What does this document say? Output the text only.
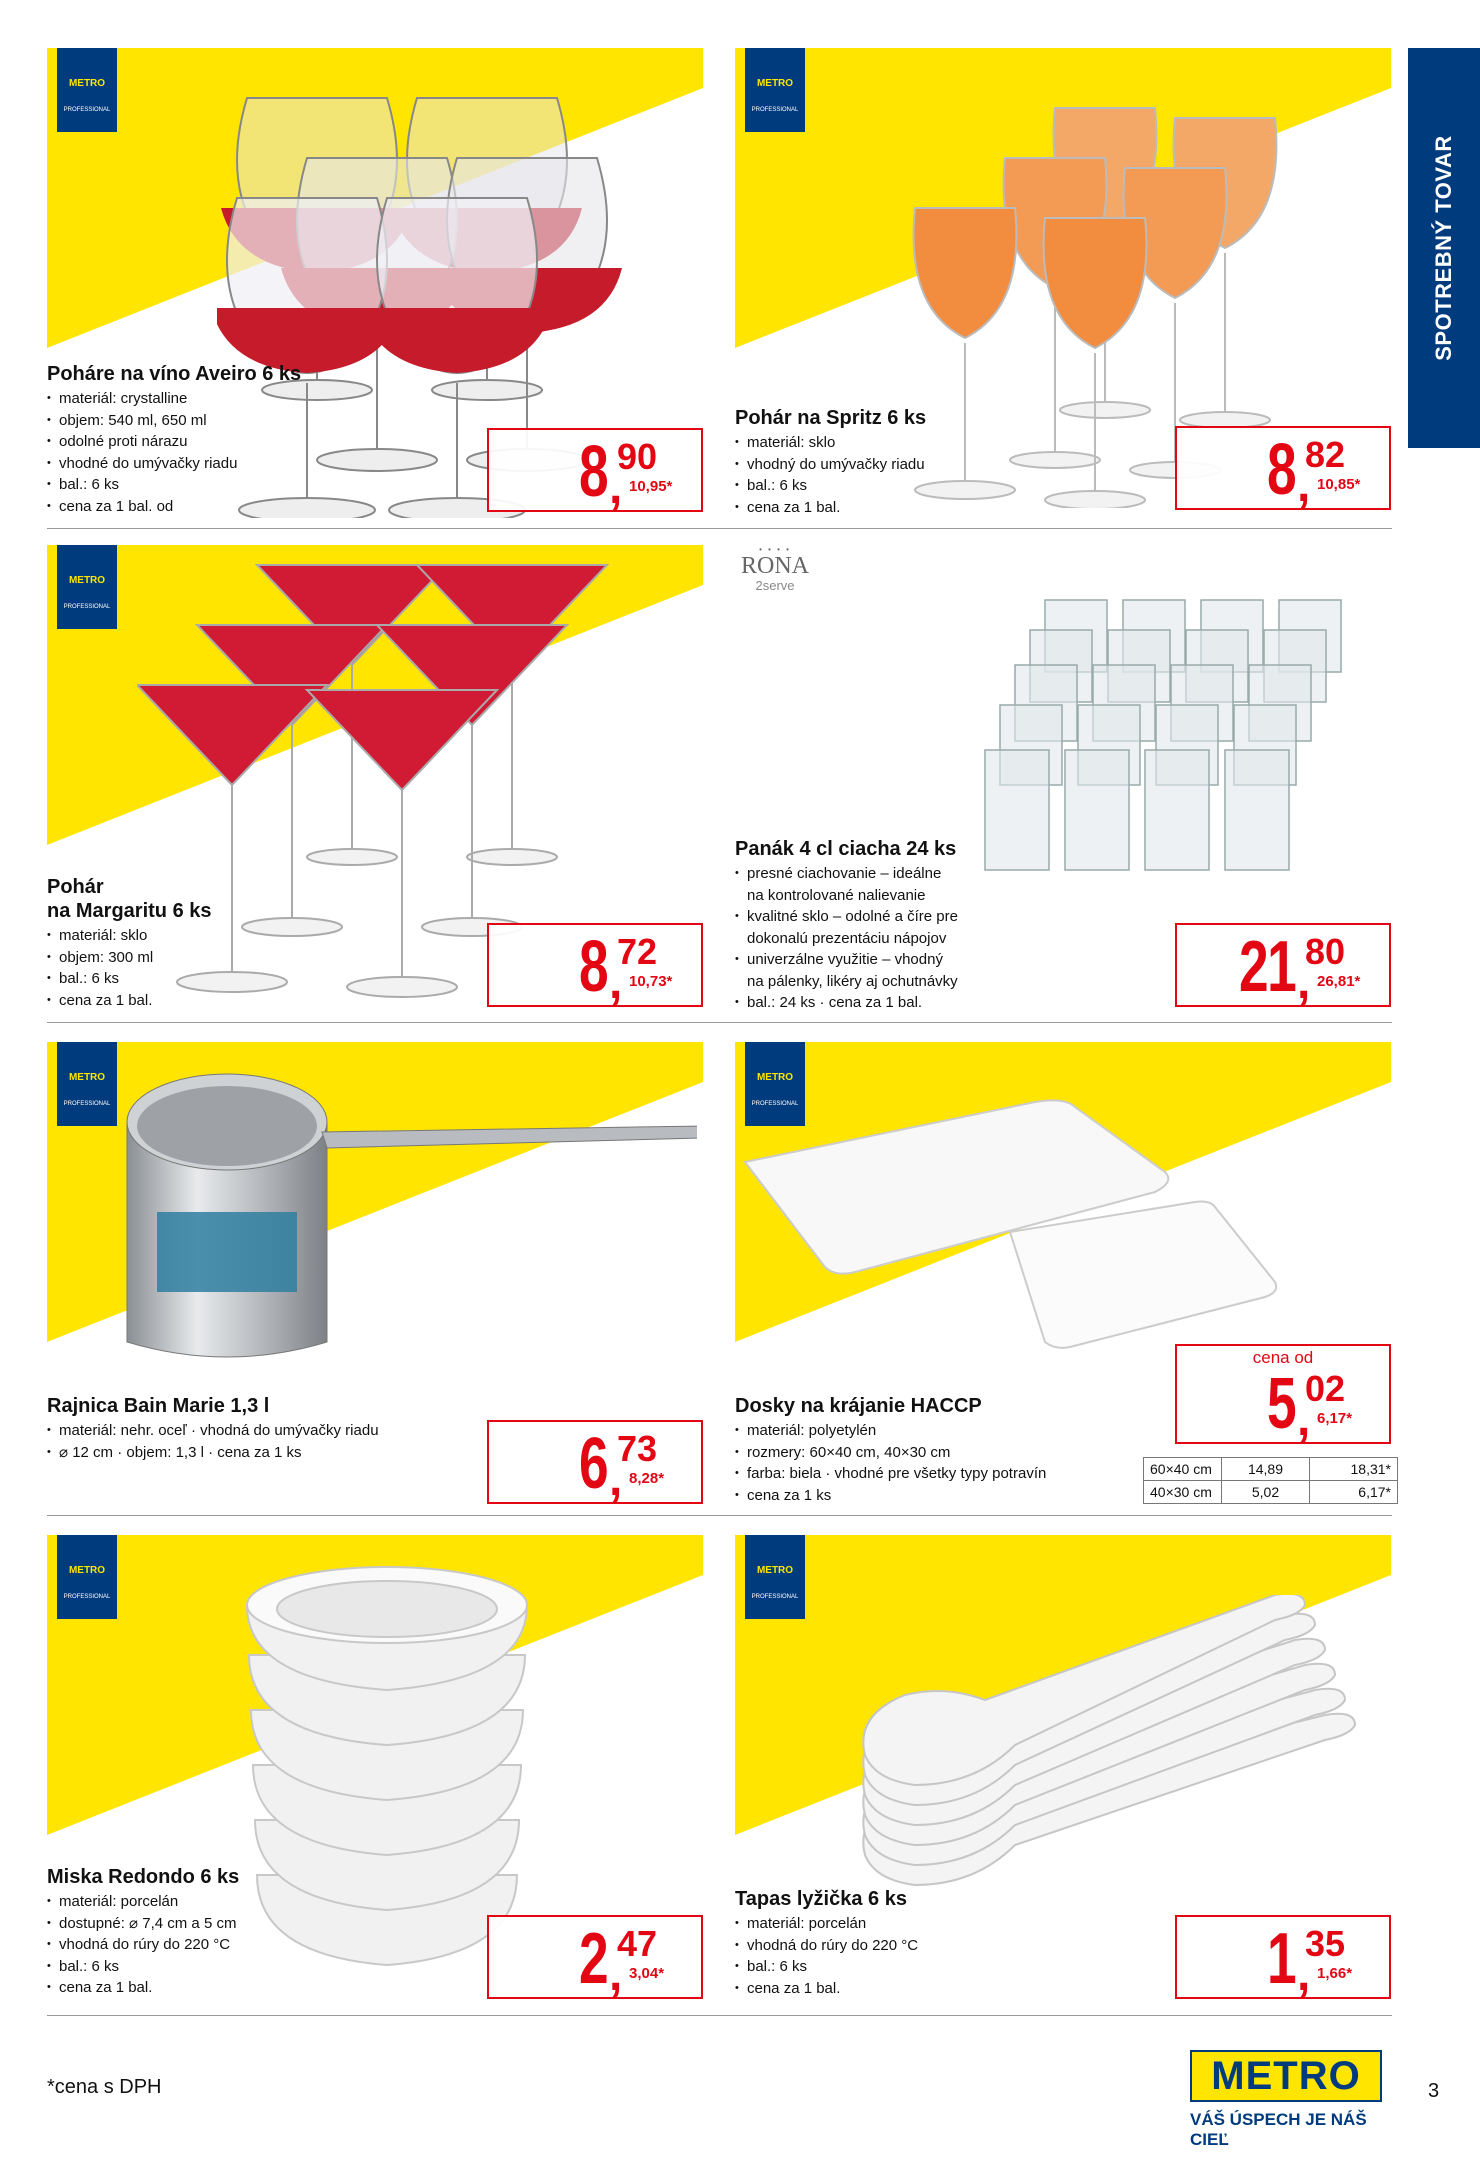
SPOTREBNÝ TOVAR
METRO
PROFESSIONAL
Poháre na víno Aveiro 6 ks
• materiál: crystalline
• objem: 540 ml, 650 ml
• odolné proti nárazu
• vhodné do umývačky riadu
• bal.: 6 ks
• cena za 1 bal. od	8 ,
90
10,95*
METRO
PROFESSIONAL
Pohár na Spritz 6 ks
• materiál: sklo
• vhodný do umývačky riadu
• bal.: 6 ks
• cena za 1 bal.	8 ,
82
10,85*
METRO
PROFESSIONAL
Pohár
na Margaritu 6 ks
• materiál: sklo
• objem: 300 ml
• bal.: 6 ks
• cena za 1 bal.	8 ,
72
10,73*
• • • •
RONA
2serve
Panák 4 cl ciacha 24 ks
• presné ciachovanie – ideálne
na kontrolované nalievanie
• kvalitné sklo – odolné a číre pre
dokonalú prezentáciu nápojov
• univerzálne využitie – vhodný
na pálenky, likéry aj ochutnávky
• bal.: 24 ks · cena za 1 bal.	21 ,
80
26,81*
METRO
PROFESSIONAL
Rajnica Bain Marie 1,3 l
• materiál: nehr. oceľ · vhodná do umývačky riadu
• ⌀ 12 cm · objem: 1,3 l · cena za 1 ks	6 ,
73
8,28*
METRO
PROFESSIONAL
Dosky na krájanie HACCP
• materiál: polyetylén
• rozmery: 60×40 cm, 40×30 cm
• farba: biela · vhodné pre všetky typy potravín
• cena za 1 ks
cena od
5 ,
02
6,17*
60×40 cm	14,89	18,31*
40×30 cm	5,02	6,17*
METRO
PROFESSIONAL
Miska Redondo 6 ks
• materiál: porcelán
• dostupné: ⌀ 7,4 cm a 5 cm
• vhodná do rúry do 220 °C
• bal.: 6 ks
• cena za 1 bal.	2 ,
47
3,04*
METRO
PROFESSIONAL
Tapas lyžička 6 ks
• materiál: porcelán
• vhodná do rúry do 220 °C
• bal.: 6 ks
• cena za 1 bal.	1 ,
35
1,66*
*cena s DPH	METRO
VÁŠ ÚSPECH JE NÁŠ CIEĽ
3
